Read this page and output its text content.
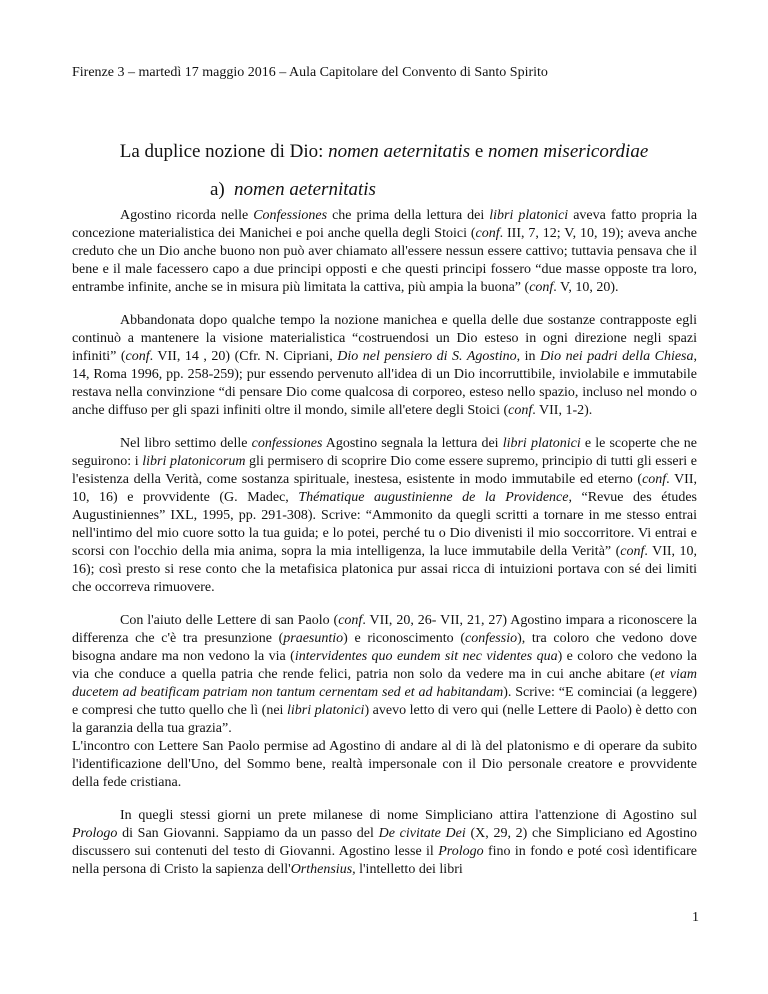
Firenze 3 – martedì 17 maggio 2016 – Aula Capitolare del Convento di Santo Spirito
La duplice nozione di Dio: nomen aeternitatis e nomen misericordiae
a) nomen aeternitatis

Agostino ricorda nelle Confessiones che prima della lettura dei libri platonici aveva fatto propria la concezione materialistica dei Manichei e poi anche quella degli Stoici (conf. III, 7, 12; V, 10, 19); aveva anche creduto che un Dio anche buono non può aver chiamato all'essere nessun essere cattivo; tuttavia pensava che il bene e il male facessero capo a due principi opposti e che questi principi fossero “due masse opposte tra loro, entrambe infinite, anche se in misura più limitata la cattiva, più ampia la buona” (conf. V, 10, 20).

Abbandonata dopo qualche tempo la nozione manichea e quella delle due sostanze contrapposte egli continuò a mantenere la visione materialistica “costruendosi un Dio esteso in ogni direzione negli spazi infiniti” (conf. VII, 14 , 20) (Cfr. N. Cipriani, Dio nel pensiero di S. Agostino, in Dio nei padri della Chiesa, 14, Roma 1996, pp. 258-259); pur essendo pervenuto all'idea di un Dio incorruttibile, inviolabile e immutabile restava nella convinzione “di pensare Dio come qualcosa di corporeo, esteso nello spazio, incluso nel mondo o anche diffuso per gli spazi infiniti oltre il mondo, simile all'etere degli Stoici (conf. VII, 1-2).

Nel libro settimo delle confessiones Agostino segnala la lettura dei libri platonici e le scoperte che ne seguirono: i libri platonicorum gli permisero di scoprire Dio come essere supremo, principio di tutti gli esseri e l'esistenza della Verità, come sostanza spirituale, inestesa, esistente in modo immutabile ed eterno (conf. VII, 10, 16) e provvidente (G. Madec, Thématique augustinienne de la Providence, “Revue des études Augustiniennes” IXL, 1995, pp. 291-308). Scrive: “Ammonito da quegli scritti a tornare in me stesso entrai nell'intimo del mio cuore sotto la tua guida; e lo potei, perché tu o Dio divenisti il mio soccorritore. Vi entrai e scorsi con l'occhio della mia anima, sopra la mia intelligenza, la luce immutabile della Verità” (conf. VII, 10, 16); così presto si rese conto che la metafisica platonica pur assai ricca di intuizioni portava con sé dei limiti che occorreva rimuovere.

Con l'aiuto delle Lettere di san Paolo (conf. VII, 20, 26- VII, 21, 27) Agostino impara a riconoscere la differenza che c'è tra presunzione (praesuntio) e riconoscimento (confessio), tra coloro che vedono dove bisogna andare ma non vedono la via (intervidentes quo eundem sit nec videntes qua) e coloro che vedono la via che conduce a quella patria che rende felici, patria non solo da vedere ma in cui anche abitare (et viam ducetem ad beatificam patriam non tantum cernentam sed et ad habitandam). Scrive: “E cominciai (a leggere) e compresi che tutto quello che lì (nei libri platonici) avevo letto di vero qui (nelle Lettere di Paolo) è detto con la garanzia della tua grazia”.

L'incontro con Lettere San Paolo permise ad Agostino di andare al di là del platonismo e di operare da subito l'identificazione dell'Uno, del Sommo bene, realtà impersonale con il Dio personale creatore e provvidente della fede cristiana.

In quegli stessi giorni un prete milanese di nome Simpliciano attira l'attenzione di Agostino sul Prologo di San Giovanni. Sappiamo da un passo del De civitate Dei (X, 29, 2) che Simpliciano ed Agostino discussero sui contenuti del testo di Giovanni. Agostino lesse il Prologo fino in fondo e poté così identificare nella persona di Cristo la sapienza dell'Orthensius, l'intelletto dei libri

1
